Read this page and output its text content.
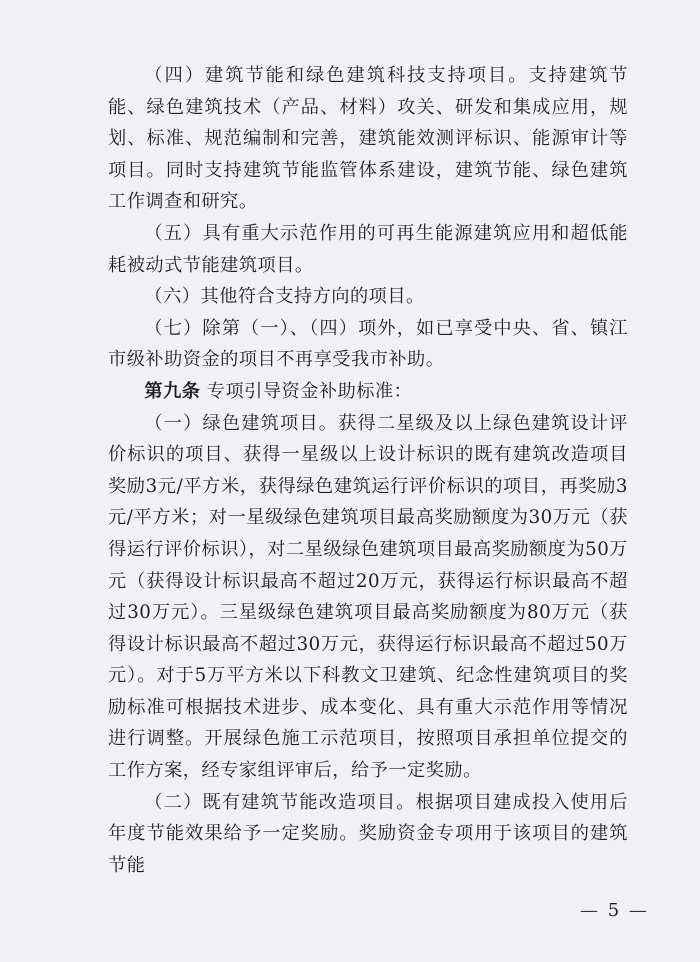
（四）建筑节能和绿色建筑科技支持项目。支持建筑节能、绿色建筑技术（产品、材料）攻关、研发和集成应用，规划、标准、规范编制和完善，建筑能效测评标识、能源审计等项目。同时支持建筑节能监管体系建设，建筑节能、绿色建筑工作调查和研究。

（五）具有重大示范作用的可再生能源建筑应用和超低能耗被动式节能建筑项目。

（六）其他符合支持方向的项目。

（七）除第（一）、（四）项外，如已享受中央、省、镇江市级补助资金的项目不再享受我市补助。

第九条 专项引导资金补助标准：

（一）绿色建筑项目。获得二星级及以上绿色建筑设计评价标识的项目、获得一星级以上设计标识的既有建筑改造项目奖励3元/平方米，获得绿色建筑运行评价标识的项目，再奖励3元/平方米；对一星级绿色建筑项目最高奖励额度为30万元（获得运行评价标识），对二星级绿色建筑项目最高奖励额度为50万元（获得设计标识最高不超过20万元，获得运行标识最高不超过30万元）。三星级绿色建筑项目最高奖励额度为80万元（获得设计标识最高不超过30万元，获得运行标识最高不超过50万元）。对于5万平方米以下科教文卫建筑、纪念性建筑项目的奖励标准可根据技术进步、成本变化、具有重大示范作用等情况进行调整。开展绿色施工示范项目，按照项目承担单位提交的工作方案，经专家组评审后，给予一定奖励。

（二）既有建筑节能改造项目。根据项目建成投入使用后年度节能效果给予一定奖励。奖励资金专项用于该项目的建筑节能

— 5 —
